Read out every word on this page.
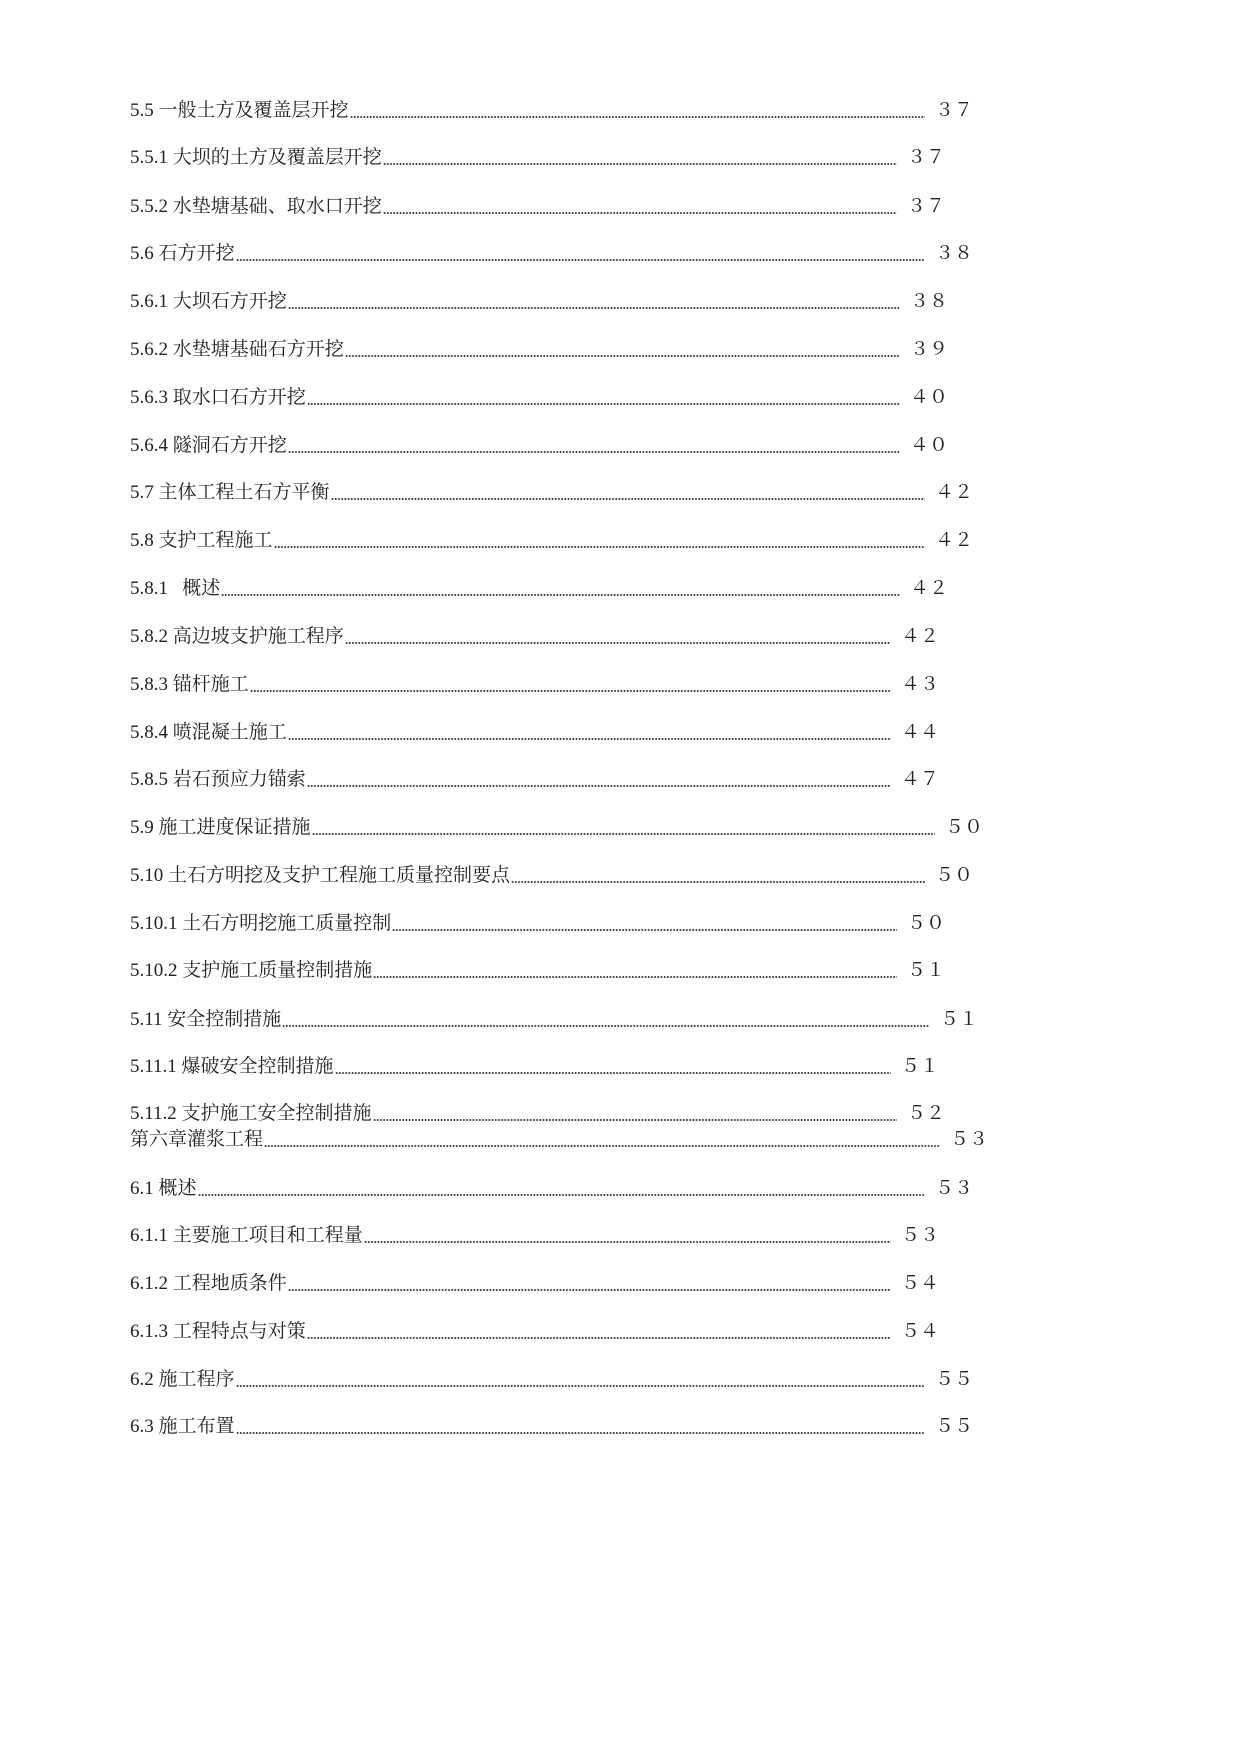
5.5 一般土方及覆盖层开挖	３７
5.5.1 大坝的土方及覆盖层开挖	３７
5.5.2 水垫塘基础、取水口开挖	３７
5.6 石方开挖	３８
5.6.1 大坝石方开挖	３８
5.6.2 水垫塘基础石方开挖	３９
5.6.3 取水口石方开挖	４０
5.6.4 隧洞石方开挖	４０
5.7 主体工程土石方平衡	４２
5.8 支护工程施工	４２
5.8.1   概述	４２
5.8.2 高边坡支护施工程序	４２
5.8.3 锚杆施工	４３
5.8.4 喷混凝土施工	４４
5.8.5 岩石预应力锚索	４７
5.9 施工进度保证措施	５０
5.10 土石方明挖及支护工程施工质量控制要点	５０
5.10.1 土石方明挖施工质量控制	５０
5.10.2 支护施工质量控制措施	５１
5.11 安全控制措施	５１
5.11.1 爆破安全控制措施	５１
5.11.2 支护施工安全控制措施	５２
第六章灌浆工程	５３
6.1 概述	５３
6.1.1 主要施工项目和工程量	５３
6.1.2 工程地质条件	５４
6.1.3 工程特点与对策	５４
6.2 施工程序	５５
6.3 施工布置	５５
